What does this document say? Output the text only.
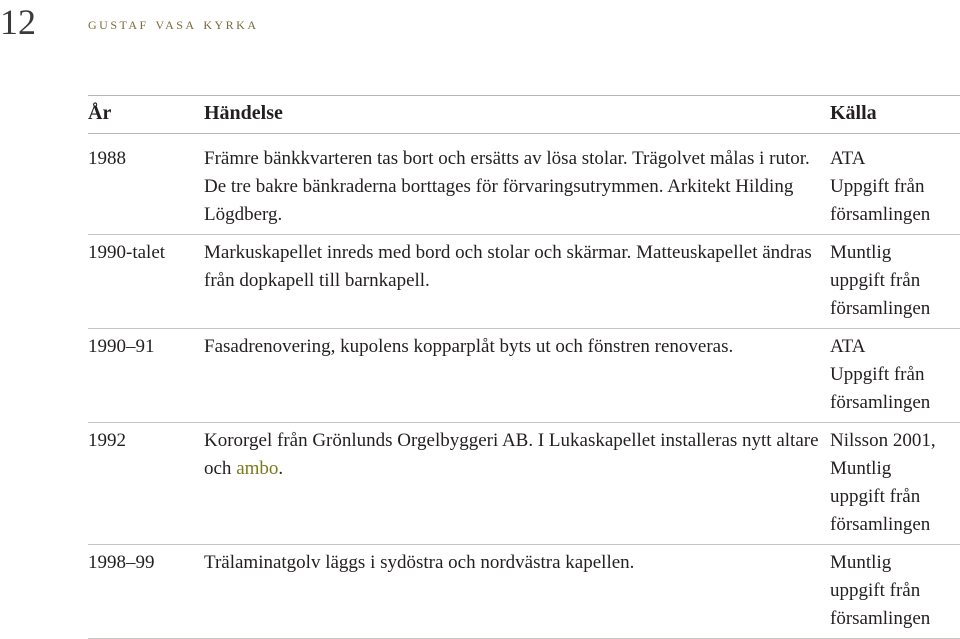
12	gustaf vasa kyrka
År	Händelse	Källa
1988	Främre bänkkvarteren tas bort och ersätts av lösa stolar. Trägolvet målas i rutor. De tre bakre bänkraderna borttages för förvaringsutrymmen. Arkitekt Hilding Lögdberg.	ATA
Uppgift från
församlingen

1990-talet	Markuskapellet inreds med bord och stolar och skärmar. Matteuskapellet ändras från dopkapell till barnkapell.	Muntlig
uppgift från
församlingen

1990–91	Fasadrenovering, kupolens kopparplåt byts ut och fönstren renoveras.	ATA
Uppgift från
församlingen

1992	Kororgel från Grönlunds Orgelbyggeri AB. I Lukaskapellet installeras nytt altare och ambo.	Nilsson 2001,
Muntlig
uppgift från
församlingen

1998–99	Trälaminatgolv läggs i sydöstra och nordvästra kapellen.	Muntlig
uppgift från
församlingen
